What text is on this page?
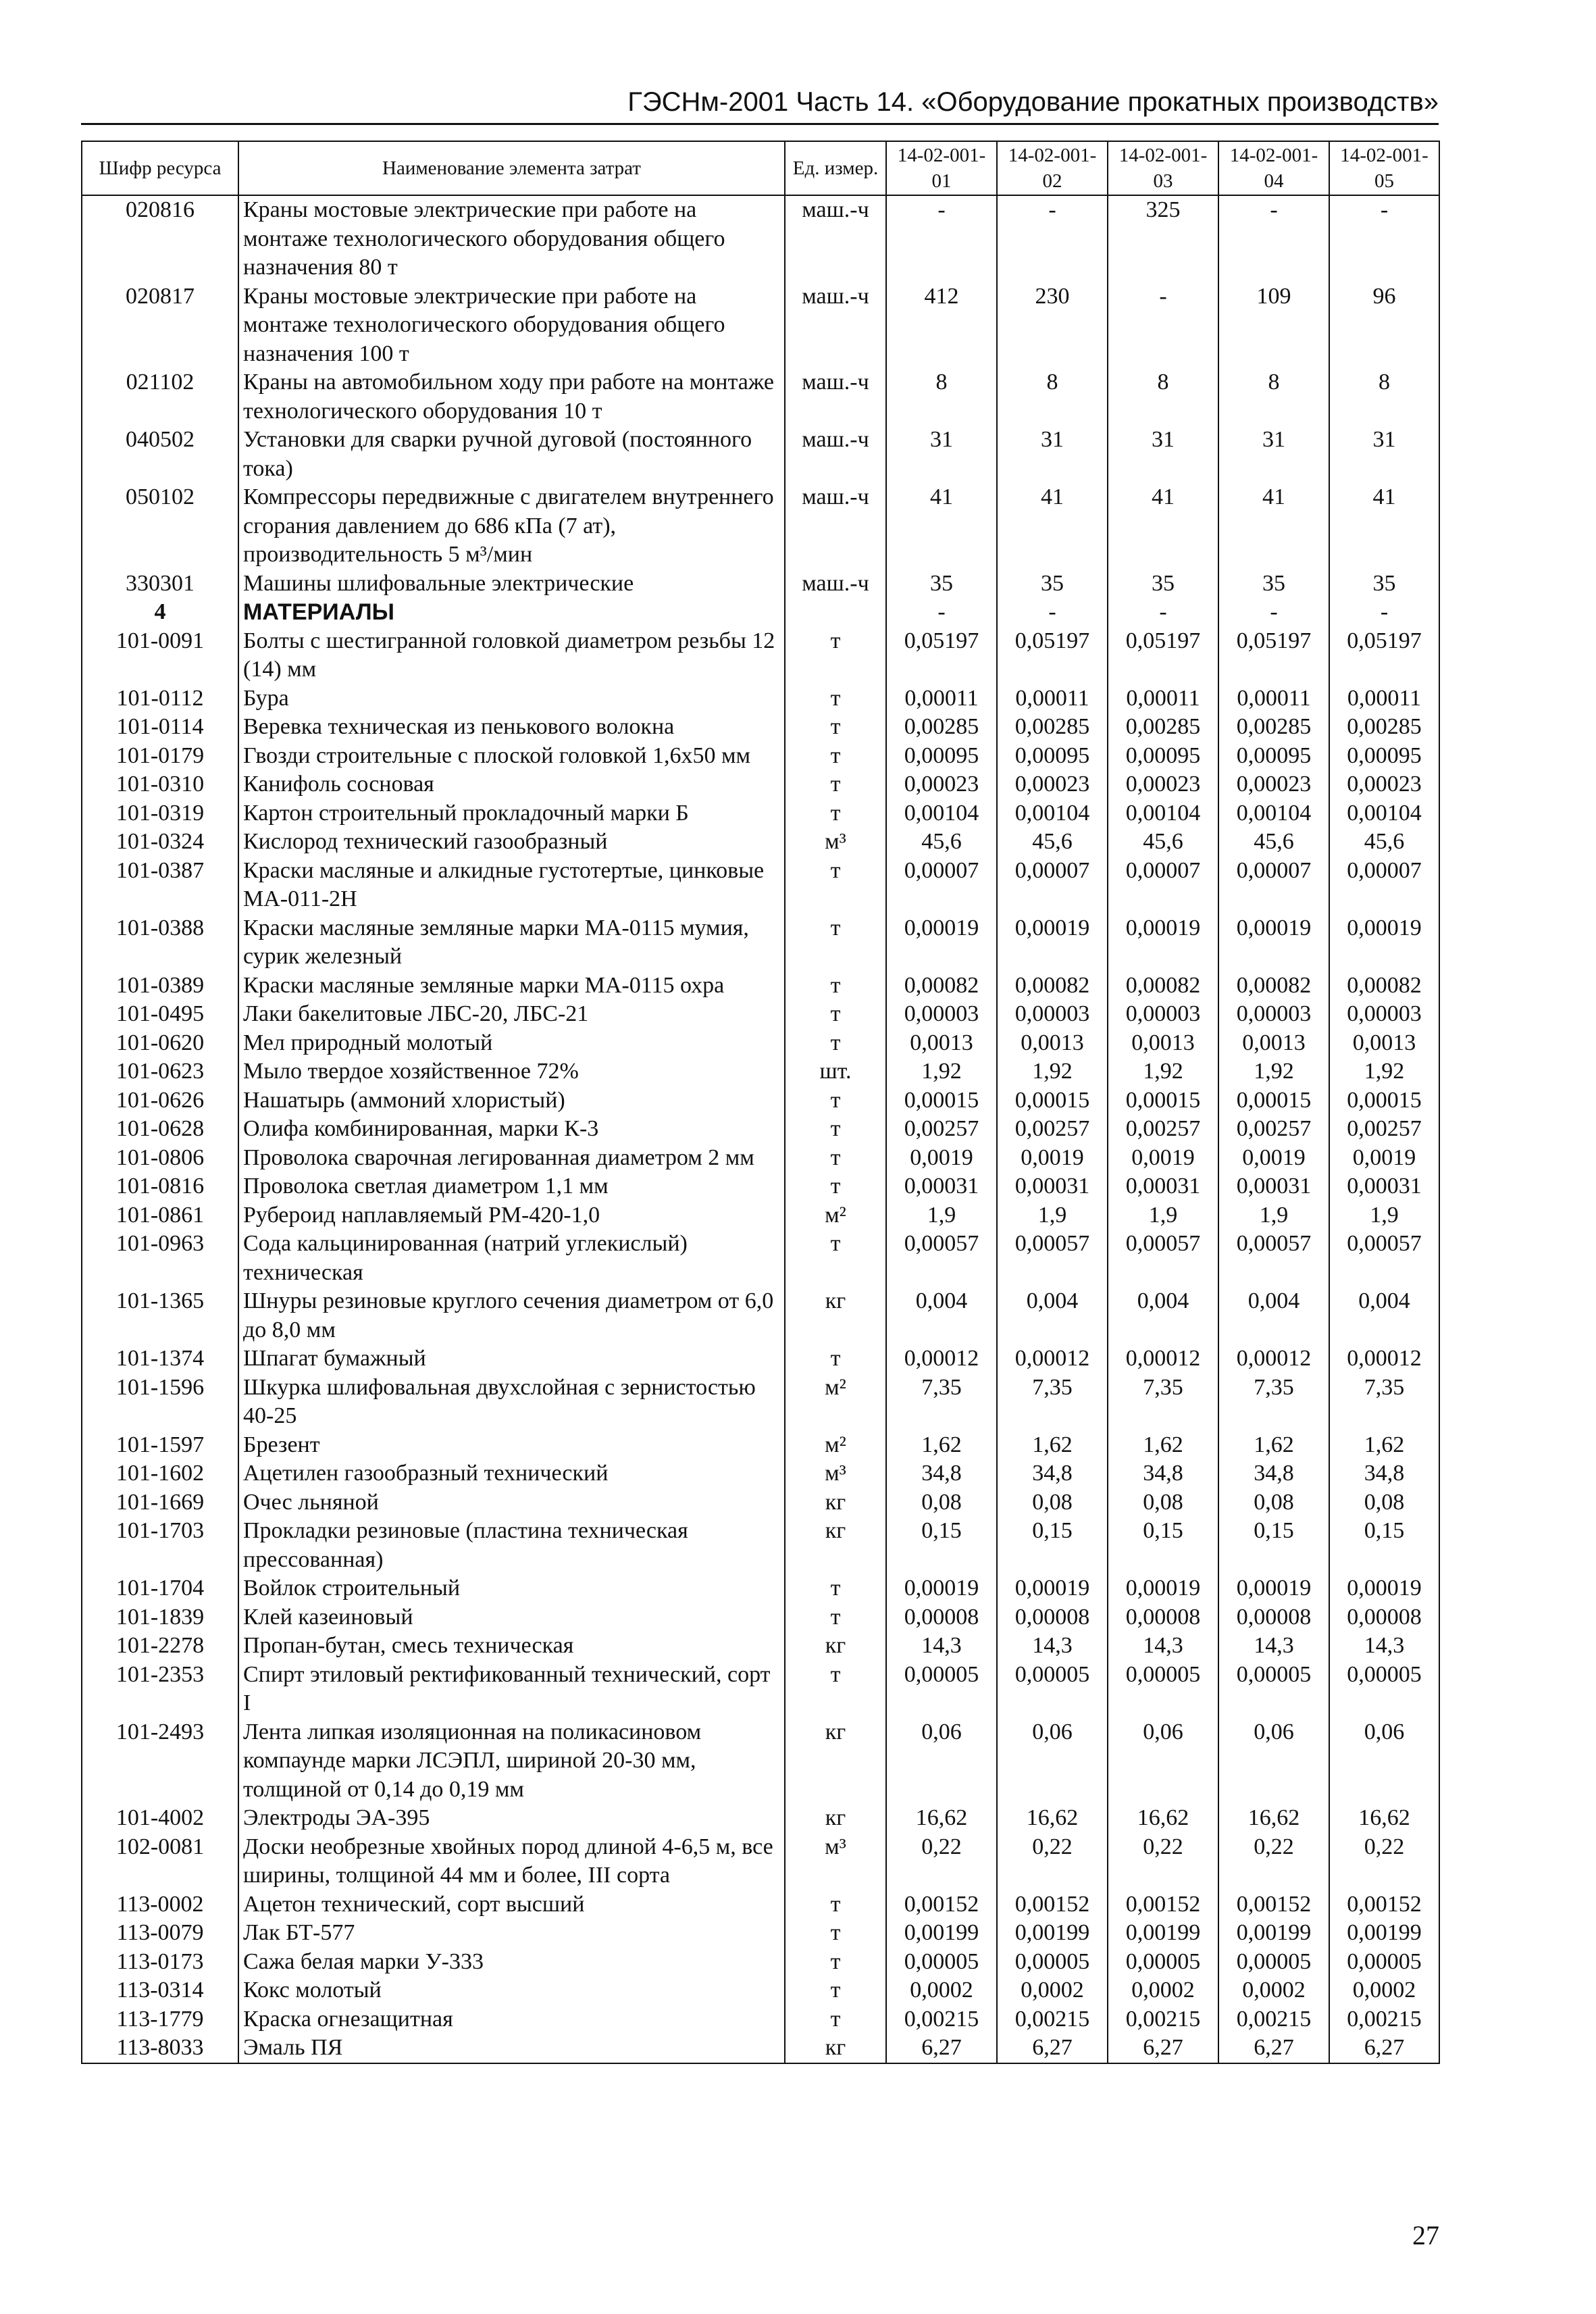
ГЭСНм-2001 Часть 14. «Оборудование прокатных производств»
Шифр ресурса	Наименование элемента затрат	Ед. измер.	14-02-001-01	14-02-001-02	14-02-001-03	14-02-001-04	14-02-001-05
020816	Краны мостовые электрические при работе на монтаже технологического оборудования общего назначения 80 т	маш.-ч	-	-	325	-	-
020817	Краны мостовые электрические при работе на монтаже технологического оборудования общего назначения 100 т	маш.-ч	412	230	-	109	96
021102	Краны на автомобильном ходу при работе на монтаже технологического оборудования 10 т	маш.-ч	8	8	8	8	8
040502	Установки для сварки ручной дуговой (постоянного тока)	маш.-ч	31	31	31	31	31
050102	Компрессоры передвижные с двигателем внутреннего сгорания давлением до 686 кПа (7 ат), производительность 5 м³/мин	маш.-ч	41	41	41	41	41
330301	Машины шлифовальные электрические	маш.-ч	35	35	35	35	35
4	МАТЕРИАЛЫ		-	-	-	-	-
101-0091	Болты с шестигранной головкой диаметром резьбы 12 (14) мм	т	0,05197	0,05197	0,05197	0,05197	0,05197
101-0112	Бура	т	0,00011	0,00011	0,00011	0,00011	0,00011
101-0114	Веревка техническая из пенькового волокна	т	0,00285	0,00285	0,00285	0,00285	0,00285
101-0179	Гвозди строительные с плоской головкой 1,6х50 мм	т	0,00095	0,00095	0,00095	0,00095	0,00095
101-0310	Канифоль сосновая	т	0,00023	0,00023	0,00023	0,00023	0,00023
101-0319	Картон строительный прокладочный марки Б	т	0,00104	0,00104	0,00104	0,00104	0,00104
101-0324	Кислород технический газообразный	м³	45,6	45,6	45,6	45,6	45,6
101-0387	Краски масляные и алкидные густотертые, цинковые МА-011-2Н	т	0,00007	0,00007	0,00007	0,00007	0,00007
101-0388	Краски масляные земляные марки МА-0115 мумия, сурик железный	т	0,00019	0,00019	0,00019	0,00019	0,00019
101-0389	Краски масляные земляные марки МА-0115 охра	т	0,00082	0,00082	0,00082	0,00082	0,00082
101-0495	Лаки бакелитовые ЛБС-20, ЛБС-21	т	0,00003	0,00003	0,00003	0,00003	0,00003
101-0620	Мел природный молотый	т	0,0013	0,0013	0,0013	0,0013	0,0013
101-0623	Мыло твердое хозяйственное 72%	шт.	1,92	1,92	1,92	1,92	1,92
101-0626	Нашатырь (аммоний хлористый)	т	0,00015	0,00015	0,00015	0,00015	0,00015
101-0628	Олифа комбинированная, марки К-3	т	0,00257	0,00257	0,00257	0,00257	0,00257
101-0806	Проволока сварочная легированная диаметром 2 мм	т	0,0019	0,0019	0,0019	0,0019	0,0019
101-0816	Проволока светлая диаметром 1,1 мм	т	0,00031	0,00031	0,00031	0,00031	0,00031
101-0861	Рубероид наплавляемый РМ-420-1,0	м²	1,9	1,9	1,9	1,9	1,9
101-0963	Сода кальцинированная (натрий углекислый) техническая	т	0,00057	0,00057	0,00057	0,00057	0,00057
101-1365	Шнуры резиновые круглого сечения диаметром от 6,0 до 8,0 мм	кг	0,004	0,004	0,004	0,004	0,004
101-1374	Шпагат бумажный	т	0,00012	0,00012	0,00012	0,00012	0,00012
101-1596	Шкурка шлифовальная двухслойная с зернистостью 40-25	м²	7,35	7,35	7,35	7,35	7,35
101-1597	Брезент	м²	1,62	1,62	1,62	1,62	1,62
101-1602	Ацетилен газообразный технический	м³	34,8	34,8	34,8	34,8	34,8
101-1669	Очес льняной	кг	0,08	0,08	0,08	0,08	0,08
101-1703	Прокладки резиновые (пластина техническая прессованная)	кг	0,15	0,15	0,15	0,15	0,15
101-1704	Войлок строительный	т	0,00019	0,00019	0,00019	0,00019	0,00019
101-1839	Клей казеиновый	т	0,00008	0,00008	0,00008	0,00008	0,00008
101-2278	Пропан-бутан, смесь техническая	кг	14,3	14,3	14,3	14,3	14,3
101-2353	Спирт этиловый ректификованный технический, сорт I	т	0,00005	0,00005	0,00005	0,00005	0,00005
101-2493	Лента липкая изоляционная на поликасиновом компаунде марки ЛСЭПЛ, шириной 20-30 мм, толщиной от 0,14 до 0,19 мм	кг	0,06	0,06	0,06	0,06	0,06
101-4002	Электроды ЭА-395	кг	16,62	16,62	16,62	16,62	16,62
102-0081	Доски необрезные хвойных пород длиной 4-6,5 м, все ширины, толщиной 44 мм и более, III сорта	м³	0,22	0,22	0,22	0,22	0,22
113-0002	Ацетон технический, сорт высший	т	0,00152	0,00152	0,00152	0,00152	0,00152
113-0079	Лак БТ-577	т	0,00199	0,00199	0,00199	0,00199	0,00199
113-0173	Сажа белая марки У-333	т	0,00005	0,00005	0,00005	0,00005	0,00005
113-0314	Кокс молотый	т	0,0002	0,0002	0,0002	0,0002	0,0002
113-1779	Краска огнезащитная	т	0,00215	0,00215	0,00215	0,00215	0,00215
113-8033	Эмаль ПЯ	кг	6,27	6,27	6,27	6,27	6,27
27
